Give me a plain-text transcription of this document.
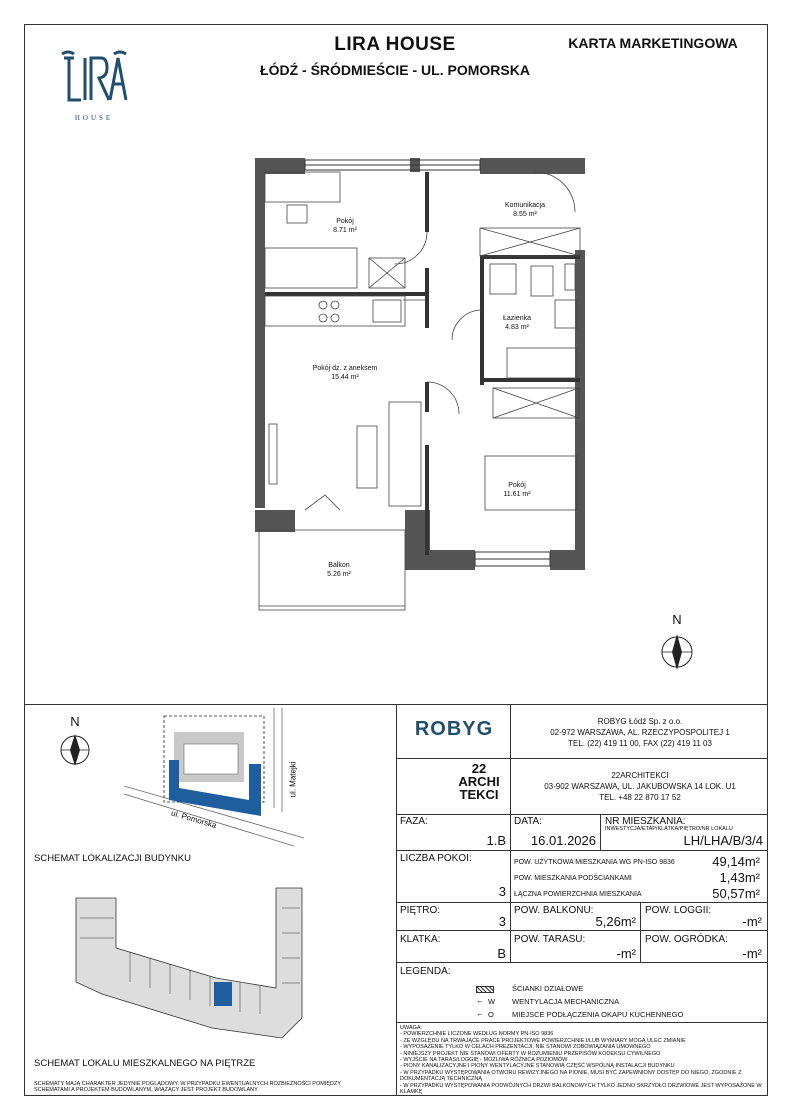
HOUSE
LIRA HOUSE
ŁÓDŹ - ŚRÓDMIEŚCIE - UL. POMORSKA
KARTA MARKETINGOWA
Pokój
8.71 m²
Komunikacja
8.55 m²
Łazienka
4.83 m²
Pokój dz. z aneksem
15.44 m²
Pokój
11.61 m²
Balkon
5.26 m²
N
N
ul. Matejki
ul. Pomorska
SCHEMAT LOKALIZACJI BUDYNKU
SCHEMAT LOKALU MIESZKALNEGO NA PIĘTRZE
SCHEMATY MAJĄ CHARAKTER JEDYNIE POGLĄDOWY. W PRZYPADKU EWENTUALNYCH ROZBIEŻNOŚCI POMIĘDZY SCHEMATAMI A PROJEKTEM BUDOWLANYM, WIĄŻĄCY JEST PROJEKT BUDOWLANY.
ROBYG	ROBYG Łódź Sp. z o.o.
02-972 WARSZAWA, AL. RZECZYPOSPOLITEJ 1
TEL. (22) 419 11 00, FAX (22) 419 11 03
22
ARCHI
TEKCI
22ARCHITEKCI
03-902 WARSZAWA, UL. JAKUBOWSKA 14 LOK. U1
TEL. +48 22 870 17 52
FAZA:
1.B
DATA:
16.01.2026
NR MIESZKANIA:
INWESTYCJA/ETAP/KLATKA/PIĘTRO/NR LOKALU
LH/LHA/B/3/4
LICZBA POKOI:
3
POW. UŻYTKOWA MIESZKANIA WG PN-ISO 9836	49,14m²
POW. MIESZKANIA PODŚCIANKAMI	1,43m²
ŁĄCZNA POWIERZCHNIA MIESZKANIA	50,57m²
PIĘTRO:
3
POW. BALKONU:
5,26m²
POW. LOGGII:
-m²
KLATKA:
B
POW. TARASU:
-m²
POW. OGRÓDKA:
-m²
LEGENDA:
ŚCIANKI DZIAŁOWE
← W WENTYLACJA MECHANICZNA
← O MIEJSCE PODŁĄCZENIA OKAPU KUCHENNEGO
UWAGA:
- POWIERZCHNIE LICZONE WEDŁUG NORMY PN-ISO 9836
- ZE WZGLĘDU NA TRWAJĄCE PRACE PROJEKTOWE POWIERZCHNIE I/LUB WYMIARY MOGĄ ULEC ZMIANIE
- WYPOSAŻENIE TYLKO W CELACH PREZENTACJI, NIE STANOWI ZOBOWIĄZANIA UMOWNEGO
- NINIEJSZY PROJEKT NIE STANOWI OFERTY W ROZUMIENIU PRZEPISÓW KODEKSU CYWILNEGO
- WYJŚCIE NA TARAS/LOGGIĘ - MOŻLIWA RÓŻNICA POZIOMÓW
- PIONY KANALIZACYJNE I PIONY WENTYLACYJNE STANOWIĄ CZĘŚĆ WSPÓLNĄ INSTALACJI BUDYNKU
- W PRZYPADKU WYSTĘPOWANIA OTWORU REWIZYJNEGO NA PIONIE, MUSI BYĆ ZAPEWNIONY DOSTĘP DO NIEGO, ZGODNIE Z DOKUMENTACJĄ TECHNICZNĄ
- W PRZYPADKU WYSTĘPOWANIA PODWÓJNYCH DRZWI BALKONOWYCH TYLKO JEDNO SKRZYDŁO DRZWIOWE JEST WYPOSAŻONE W KLAMKĘ
